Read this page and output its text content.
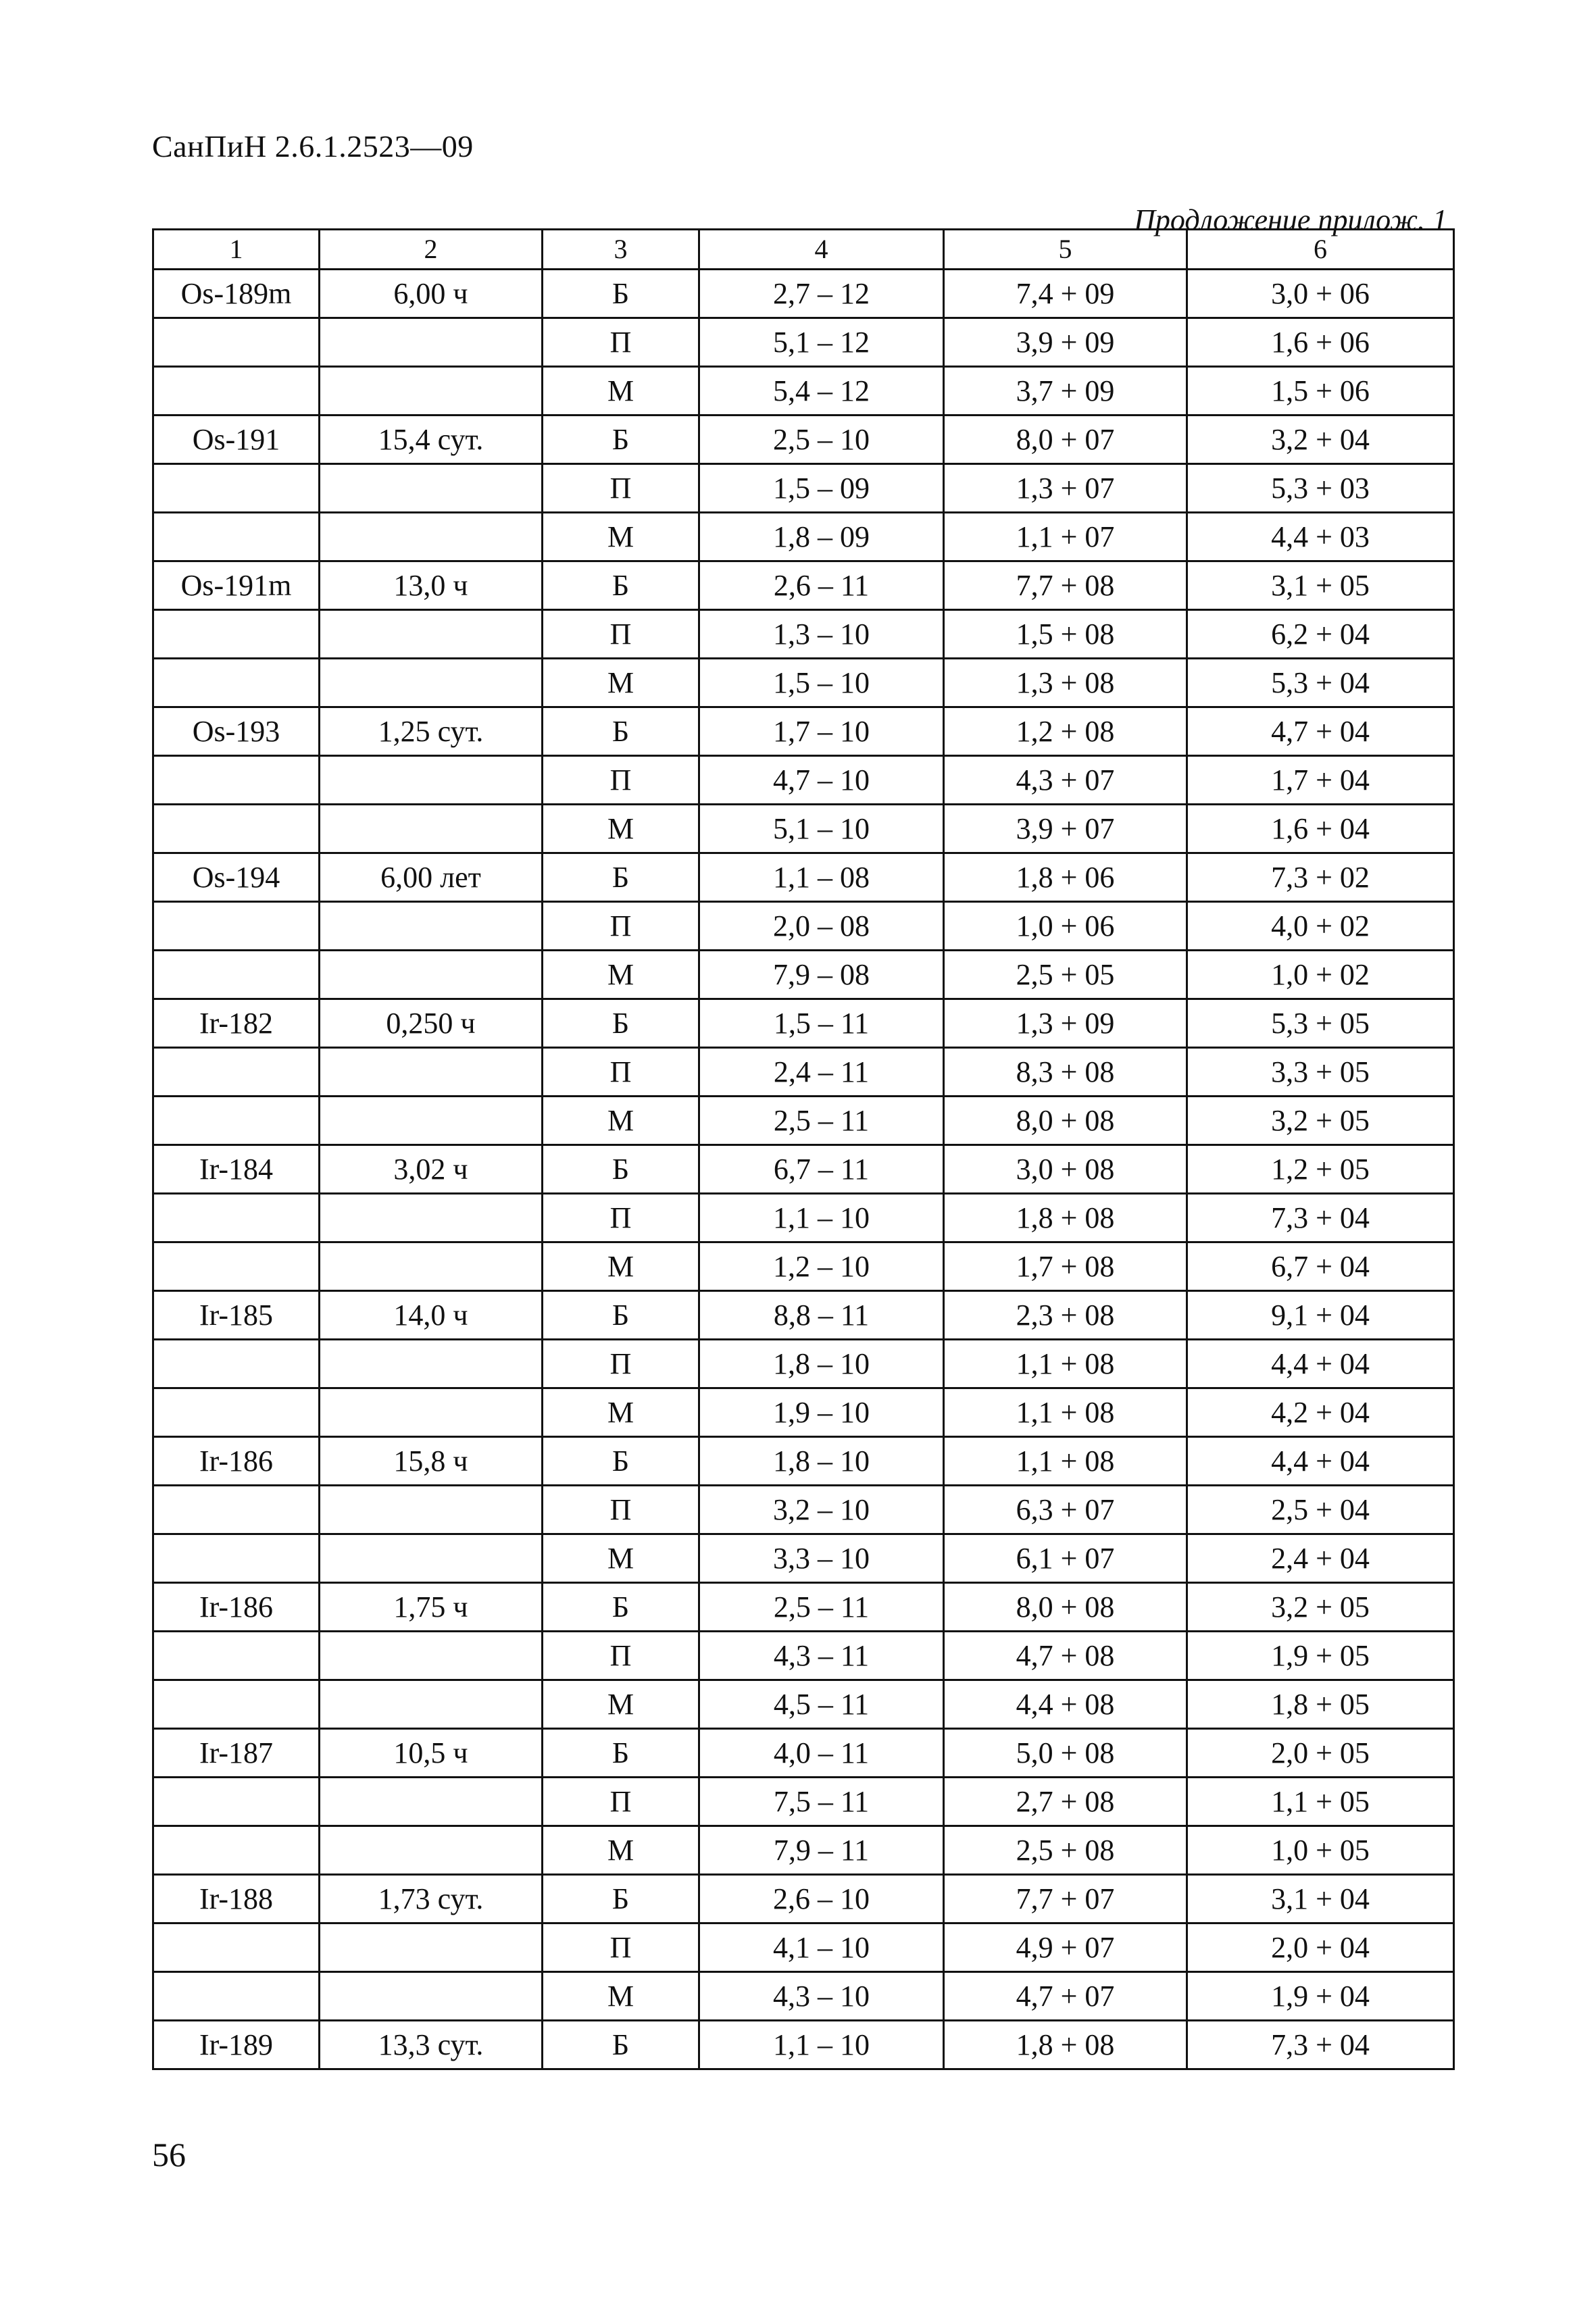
СанПиН 2.6.1.2523—09
Продложение прилож. 1
1	2	3	4	5	6
Os-189m	6,00 ч	Б	2,7 – 12	7,4 + 09	3,0 + 06
		П	5,1 – 12	3,9 + 09	1,6 + 06
		М	5,4 – 12	3,7 + 09	1,5 + 06
Os-191	15,4 сут.	Б	2,5 – 10	8,0 + 07	3,2 + 04
		П	1,5 – 09	1,3 + 07	5,3 + 03
		М	1,8 – 09	1,1 + 07	4,4 + 03
Os-191m	13,0 ч	Б	2,6 – 11	7,7 + 08	3,1 + 05
		П	1,3 – 10	1,5 + 08	6,2 + 04
		М	1,5 – 10	1,3 + 08	5,3 + 04
Os-193	1,25 сут.	Б	1,7 – 10	1,2 + 08	4,7 + 04
		П	4,7 – 10	4,3 + 07	1,7 + 04
		М	5,1 – 10	3,9 + 07	1,6 + 04
Os-194	6,00 лет	Б	1,1 – 08	1,8 + 06	7,3 + 02
		П	2,0 – 08	1,0 + 06	4,0 + 02
		М	7,9 – 08	2,5 + 05	1,0 + 02
Ir-182	0,250 ч	Б	1,5 – 11	1,3 + 09	5,3 + 05
		П	2,4 – 11	8,3 + 08	3,3 + 05
		М	2,5 – 11	8,0 + 08	3,2 + 05
Ir-184	3,02 ч	Б	6,7 – 11	3,0 + 08	1,2 + 05
		П	1,1 – 10	1,8 + 08	7,3 + 04
		М	1,2 – 10	1,7 + 08	6,7 + 04
Ir-185	14,0 ч	Б	8,8 – 11	2,3 + 08	9,1 + 04
		П	1,8 – 10	1,1 + 08	4,4 + 04
		М	1,9 – 10	1,1 + 08	4,2 + 04
Ir-186	15,8 ч	Б	1,8 – 10	1,1 + 08	4,4 + 04
		П	3,2 – 10	6,3 + 07	2,5 + 04
		М	3,3 – 10	6,1 + 07	2,4 + 04
Ir-186	1,75 ч	Б	2,5 – 11	8,0 + 08	3,2 + 05
		П	4,3 – 11	4,7 + 08	1,9 + 05
		М	4,5 – 11	4,4 + 08	1,8 + 05
Ir-187	10,5 ч	Б	4,0 – 11	5,0 + 08	2,0 + 05
		П	7,5 – 11	2,7 + 08	1,1 + 05
		М	7,9 – 11	2,5 + 08	1,0 + 05
Ir-188	1,73 сут.	Б	2,6 – 10	7,7 + 07	3,1 + 04
		П	4,1 – 10	4,9 + 07	2,0 + 04
		М	4,3 – 10	4,7 + 07	1,9 + 04
Ir-189	13,3 сут.	Б	1,1 – 10	1,8 + 08	7,3 + 04
56
